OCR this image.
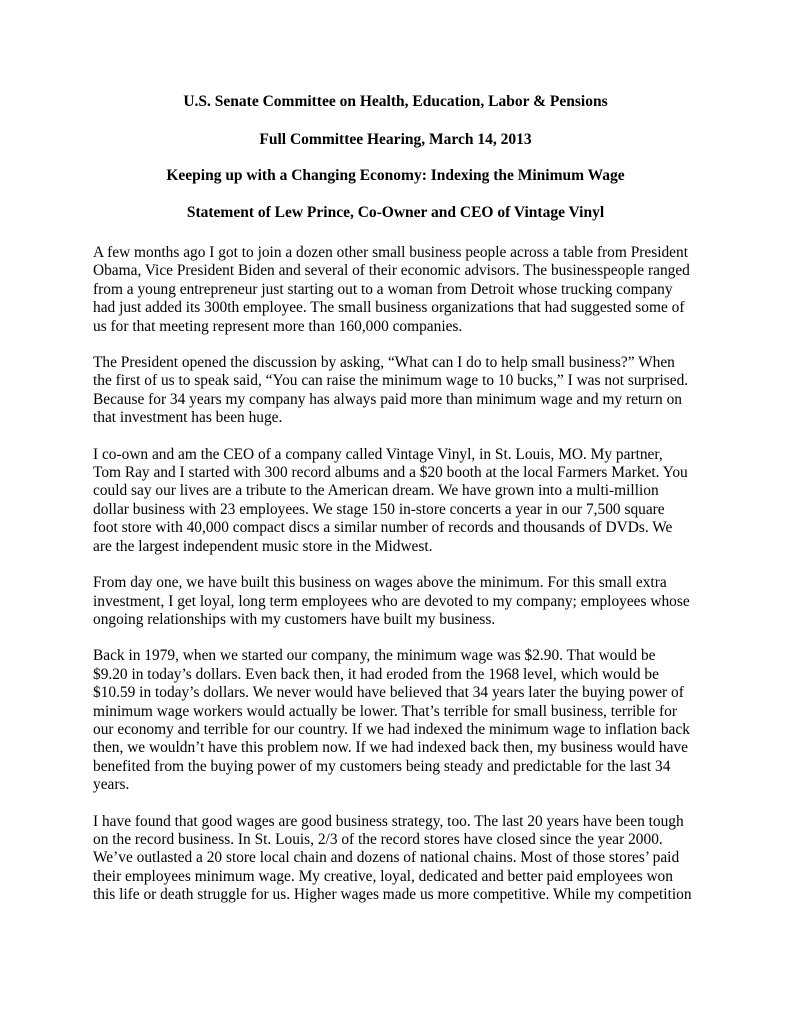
U.S. Senate Committee on Health, Education, Labor & Pensions

Full Committee Hearing, March 14, 2013

Keeping up with a Changing Economy: Indexing the Minimum Wage

Statement of Lew Prince, Co-Owner and CEO of Vintage Vinyl

A few months ago I got to join a dozen other small business people across a table from President
Obama, Vice President Biden and several of their economic advisors. The businesspeople ranged
from a young entrepreneur just starting out to a woman from Detroit whose trucking company
had just added its 300th employee. The small business organizations that had suggested some of
us for that meeting represent more than 160,000 companies.
The President opened the discussion by asking, “What can I do to help small business?” When
the first of us to speak said, “You can raise the minimum wage to 10 bucks,” I was not surprised.
Because for 34 years my company has always paid more than minimum wage and my return on
that investment has been huge.
I co-own and am the CEO of a company called Vintage Vinyl, in St. Louis, MO. My partner,
Tom Ray and I started with 300 record albums and a $20 booth at the local Farmers Market. You
could say our lives are a tribute to the American dream. We have grown into a multi-million
dollar business with 23 employees. We stage 150 in-store concerts a year in our 7,500 square
foot store with 40,000 compact discs a similar number of records and thousands of DVDs. We
are the largest independent music store in the Midwest.
From day one, we have built this business on wages above the minimum. For this small extra
investment, I get loyal, long term employees who are devoted to my company; employees whose
ongoing relationships with my customers have built my business.
Back in 1979, when we started our company, the minimum wage was $2.90. That would be
$9.20 in today’s dollars. Even back then, it had eroded from the 1968 level, which would be
$10.59 in today’s dollars. We never would have believed that 34 years later the buying power of
minimum wage workers would actually be lower. That’s terrible for small business, terrible for
our economy and terrible for our country. If we had indexed the minimum wage to inflation back
then, we wouldn’t have this problem now. If we had indexed back then, my business would have
benefited from the buying power of my customers being steady and predictable for the last 34
years.
I have found that good wages are good business strategy, too. The last 20 years have been tough
on the record business. In St. Louis, 2/3 of the record stores have closed since the year 2000.
We’ve outlasted a 20 store local chain and dozens of national chains. Most of those stores’ paid
their employees minimum wage. My creative, loyal, dedicated and better paid employees won
this life or death struggle for us. Higher wages made us more competitive. While my competition
